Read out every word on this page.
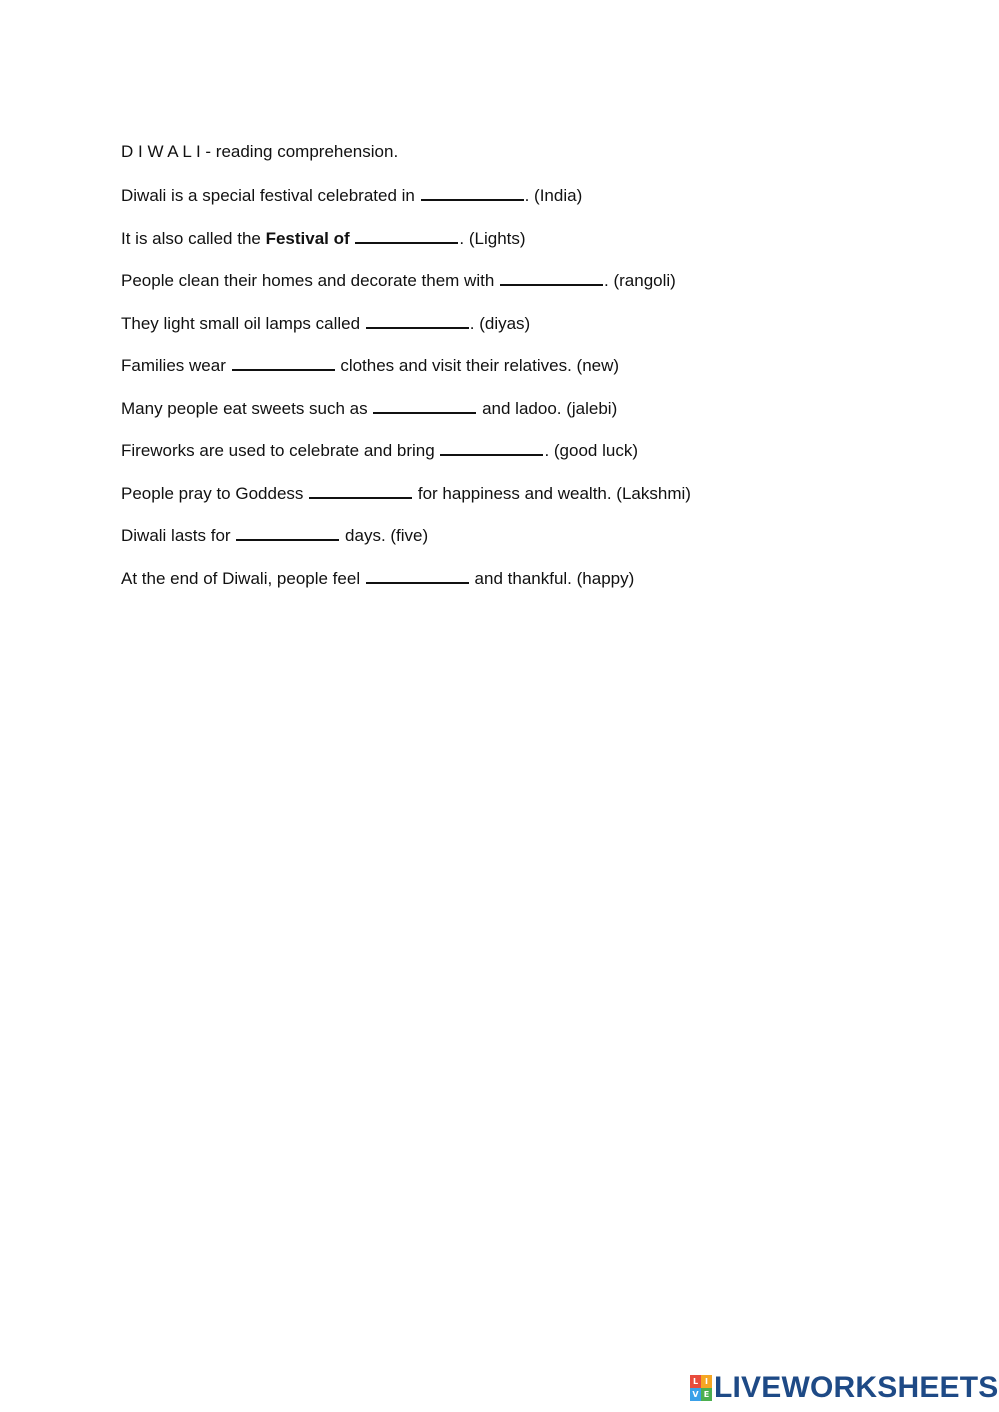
D I W A L I - reading comprehension.
Diwali is a special festival celebrated in	. (India)
It is also called the Festival of	. (Lights)
People clean their homes and decorate them with	. (rangoli)
They light small oil lamps called	. (diyas)
Families wear	clothes and visit their relatives. (new)
Many people eat sweets such as	and ladoo. (jalebi)
Fireworks are used to celebrate and bring	. (good luck)
People pray to Goddess	for happiness and wealth. (Lakshmi)
Diwali lasts for	days. (five)
At the end of Diwali, people feel	and thankful. (happy)
L I
V E LIVEWORKSHEETS
